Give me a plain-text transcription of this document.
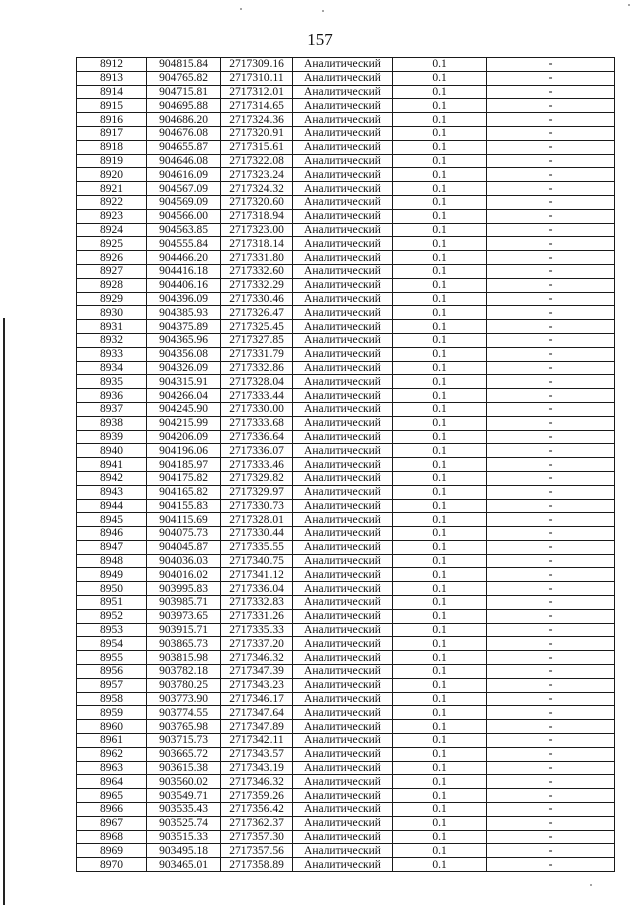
157
8912	904815.84	2717309.16	Аналитический	0.1	-
8913	904765.82	2717310.11	Аналитический	0.1	-
8914	904715.81	2717312.01	Аналитический	0.1	-
8915	904695.88	2717314.65	Аналитический	0.1	-
8916	904686.20	2717324.36	Аналитический	0.1	-
8917	904676.08	2717320.91	Аналитический	0.1	-
8918	904655.87	2717315.61	Аналитический	0.1	-
8919	904646.08	2717322.08	Аналитический	0.1	-
8920	904616.09	2717323.24	Аналитический	0.1	-
8921	904567.09	2717324.32	Аналитический	0.1	-
8922	904569.09	2717320.60	Аналитический	0.1	-
8923	904566.00	2717318.94	Аналитический	0.1	-
8924	904563.85	2717323.00	Аналитический	0.1	-
8925	904555.84	2717318.14	Аналитический	0.1	-
8926	904466.20	2717331.80	Аналитический	0.1	-
8927	904416.18	2717332.60	Аналитический	0.1	-
8928	904406.16	2717332.29	Аналитический	0.1	-
8929	904396.09	2717330.46	Аналитический	0.1	-
8930	904385.93	2717326.47	Аналитический	0.1	-
8931	904375.89	2717325.45	Аналитический	0.1	-
8932	904365.96	2717327.85	Аналитический	0.1	-
8933	904356.08	2717331.79	Аналитический	0.1	-
8934	904326.09	2717332.86	Аналитический	0.1	-
8935	904315.91	2717328.04	Аналитический	0.1	-
8936	904266.04	2717333.44	Аналитический	0.1	-
8937	904245.90	2717330.00	Аналитический	0.1	-
8938	904215.99	2717333.68	Аналитический	0.1	-
8939	904206.09	2717336.64	Аналитический	0.1	-
8940	904196.06	2717336.07	Аналитический	0.1	-
8941	904185.97	2717333.46	Аналитический	0.1	-
8942	904175.82	2717329.82	Аналитический	0.1	-
8943	904165.82	2717329.97	Аналитический	0.1	-
8944	904155.83	2717330.73	Аналитический	0.1	-
8945	904115.69	2717328.01	Аналитический	0.1	-
8946	904075.73	2717330.44	Аналитический	0.1	-
8947	904045.87	2717335.55	Аналитический	0.1	-
8948	904036.03	2717340.75	Аналитический	0.1	-
8949	904016.02	2717341.12	Аналитический	0.1	-
8950	903995.83	2717336.04	Аналитический	0.1	-
8951	903985.71	2717332.83	Аналитический	0.1	-
8952	903973.65	2717331.26	Аналитический	0.1	-
8953	903915.71	2717335.33	Аналитический	0.1	-
8954	903865.73	2717337.20	Аналитический	0.1	-
8955	903815.98	2717346.32	Аналитический	0.1	-
8956	903782.18	2717347.39	Аналитический	0.1	-
8957	903780.25	2717343.23	Аналитический	0.1	-
8958	903773.90	2717346.17	Аналитический	0.1	-
8959	903774.55	2717347.64	Аналитический	0.1	-
8960	903765.98	2717347.89	Аналитический	0.1	-
8961	903715.73	2717342.11	Аналитический	0.1	-
8962	903665.72	2717343.57	Аналитический	0.1	-
8963	903615.38	2717343.19	Аналитический	0.1	-
8964	903560.02	2717346.32	Аналитический	0.1	-
8965	903549.71	2717359.26	Аналитический	0.1	-
8966	903535.43	2717356.42	Аналитический	0.1	-
8967	903525.74	2717362.37	Аналитический	0.1	-
8968	903515.33	2717357.30	Аналитический	0.1	-
8969	903495.18	2717357.56	Аналитический	0.1	-
8970	903465.01	2717358.89	Аналитический	0.1	-
